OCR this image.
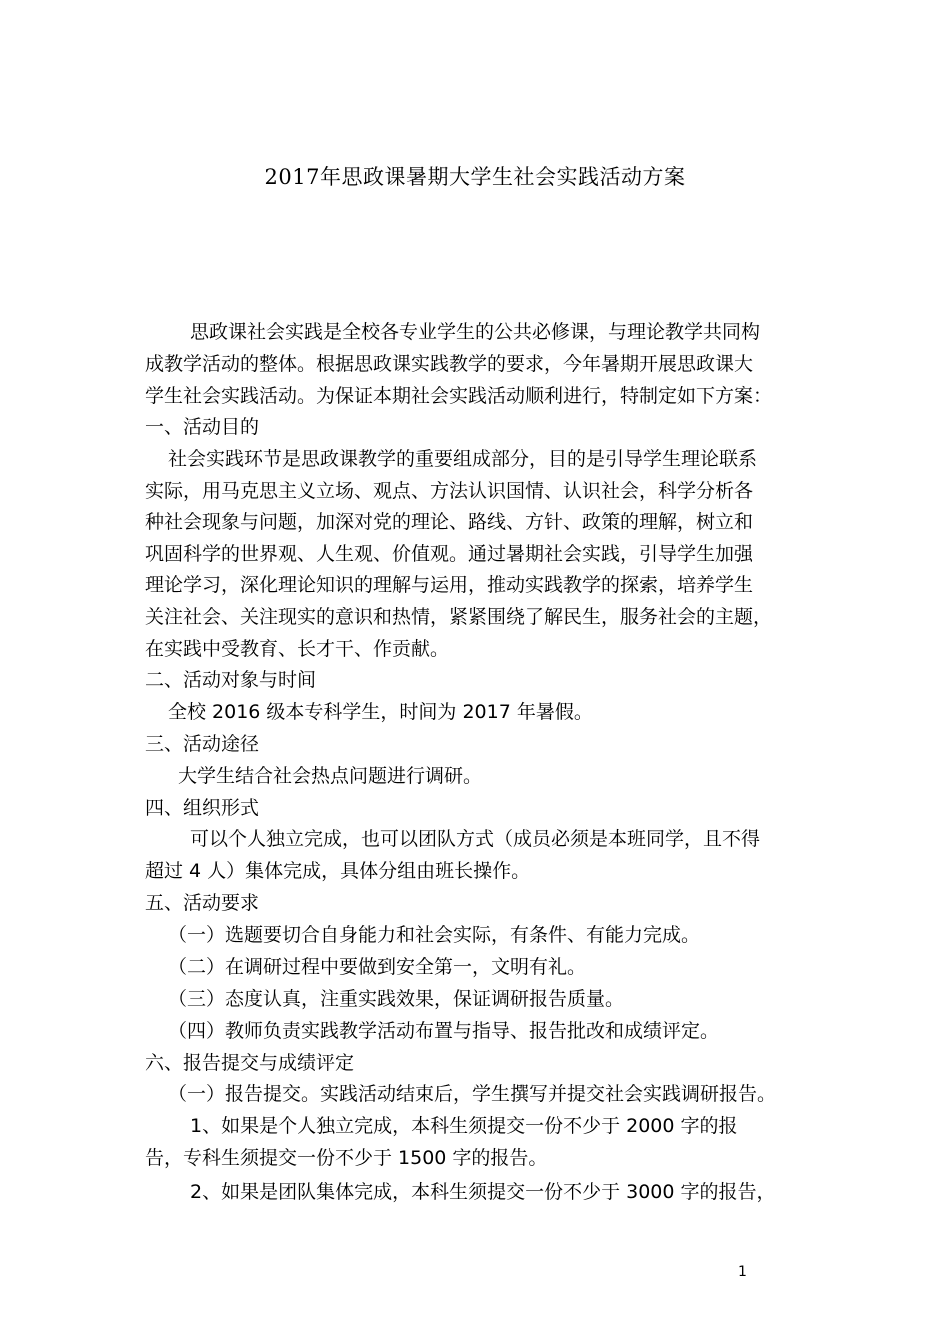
2017年思政课暑期大学生社会实践活动方案
思政课社会实践是全校各专业学生的公共必修课，与理论教学共同构
成教学活动的整体。根据思政课实践教学的要求，今年暑期开展思政课大
学生社会实践活动。为保证本期社会实践活动顺利进行，特制定如下方案：
一、活动目的
社会实践环节是思政课教学的重要组成部分，目的是引导学生理论联系
实际，用马克思主义立场、观点、方法认识国情、认识社会，科学分析各
种社会现象与问题，加深对党的理论、路线、方针、政策的理解，树立和
巩固科学的世界观、人生观、价值观。通过暑期社会实践，引导学生加强
理论学习，深化理论知识的理解与运用，推动实践教学的探索，培养学生
关注社会、关注现实的意识和热情，紧紧围绕了解民生，服务社会的主题，
在实践中受教育、长才干、作贡献。
二、活动对象与时间
全校 2016 级本专科学生，时间为 2017 年暑假。
三、活动途径
大学生结合社会热点问题进行调研。
四、组织形式
可以个人独立完成，也可以团队方式（成员必须是本班同学，且不得
超过 4 人）集体完成，具体分组由班长操作。
五、活动要求
（一）选题要切合自身能力和社会实际，有条件、有能力完成。
（二）在调研过程中要做到安全第一，文明有礼。
（三）态度认真，注重实践效果，保证调研报告质量。
（四）教师负责实践教学活动布置与指导、报告批改和成绩评定。
六、报告提交与成绩评定
（一）报告提交。实践活动结束后，学生撰写并提交社会实践调研报告。
1、如果是个人独立完成，本科生须提交一份不少于 2000 字的报
告，专科生须提交一份不少于 1500 字的报告。
2、如果是团队集体完成，本科生须提交一份不少于 3000 字的报告，
1
